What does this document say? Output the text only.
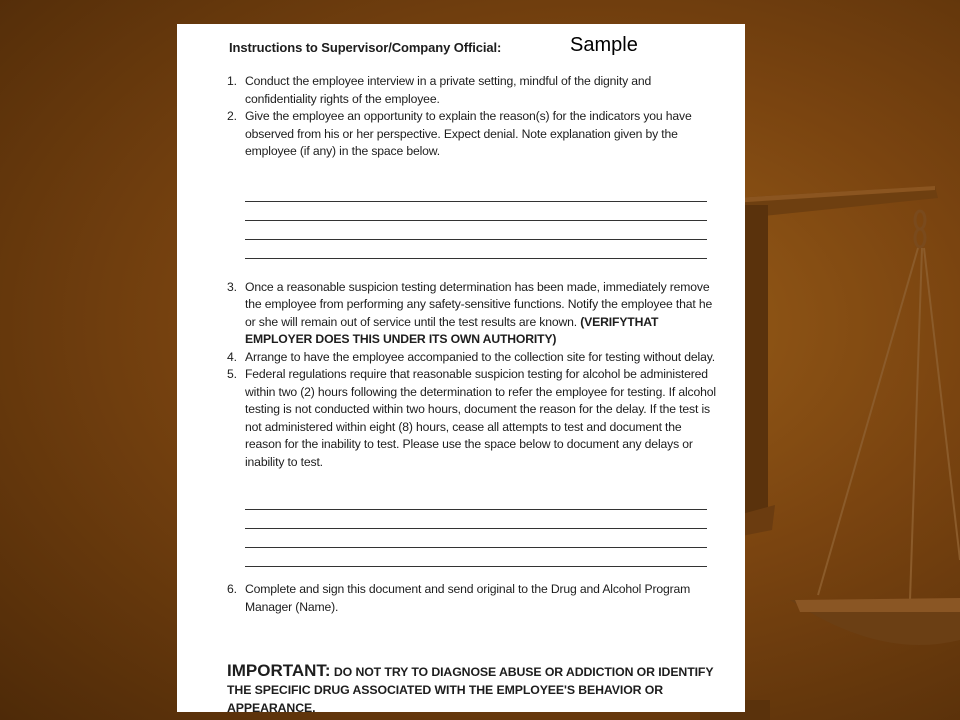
Instructions to Supervisor/Company Official:
1. Conduct the employee interview in a private setting, mindful of the dignity and confidentiality rights of the employee.
2. Give the employee an opportunity to explain the reason(s) for the indicators you have observed from his or her perspective. Expect denial. Note explanation given by the employee (if any) in the space below.
3. Once a reasonable suspicion testing determination has been made, immediately remove the employee from performing any safety-sensitive functions. Notify the employee that he or she will remain out of service until the test results are known. (VERIFYTHAT EMPLOYER DOES THIS UNDER ITS OWN AUTHORITY)
4. Arrange to have the employee accompanied to the collection site for testing without delay.
5. Federal regulations require that reasonable suspicion testing for alcohol be administered within two (2) hours following the determination to refer the employee for testing. If alcohol testing is not conducted within two hours, document the reason for the delay. If the test is not administered within eight (8) hours, cease all attempts to test and document the reason for the inability to test. Please use the space below to document any delays or inability to test.
6. Complete and sign this document and send original to the Drug and Alcohol Program Manager (Name).
IMPORTANT: DO NOT TRY TO DIAGNOSE ABUSE OR ADDICTION OR IDENTIFY THE SPECIFIC DRUG ASSOCIATED WITH THE EMPLOYEE'S BEHAVIOR OR APPEARANCE.
Sample
